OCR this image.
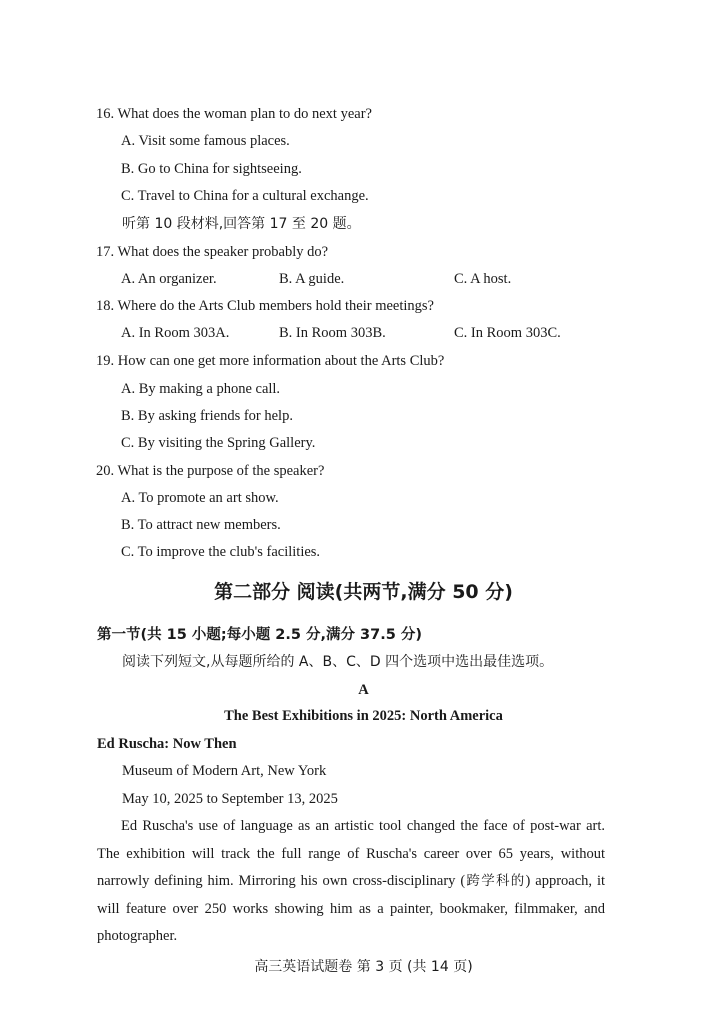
16. What does the woman plan to do next year?
A. Visit some famous places.
B. Go to China for sightseeing.
C. Travel to China for a cultural exchange.
听第 10 段材料,回答第 17 至 20 题。
17. What does the speaker probably do?
A. An organizer.	B. A guide.	C. A host.
18. Where do the Arts Club members hold their meetings?
A. In Room 303A.	B. In Room 303B.	C. In Room 303C.
19. How can one get more information about the Arts Club?
A. By making a phone call.
B. By asking friends for help.
C. By visiting the Spring Gallery.
20. What is the purpose of the speaker?
A. To promote an art show.
B. To attract new members.
C. To improve the club's facilities.
第二部分 阅读(共两节,满分 50 分)
第一节(共 15 小题;每小题 2.5 分,满分 37.5 分)
阅读下列短文,从每题所给的 A、B、C、D 四个选项中选出最佳选项。
A
The Best Exhibitions in 2025: North America
Ed Ruscha: Now Then
Museum of Modern Art, New York
May 10, 2025 to September 13, 2025
Ed Ruscha's use of language as an artistic tool changed the face of post-war art. The exhibition will track the full range of Ruscha's career over 65 years, without narrowly defining him. Mirroring his own cross-disciplinary (跨学科的) approach, it will feature over 250 works showing him as a painter, bookmaker, filmmaker, and photographer.
高三英语试题卷 第 3 页 (共 14 页)
